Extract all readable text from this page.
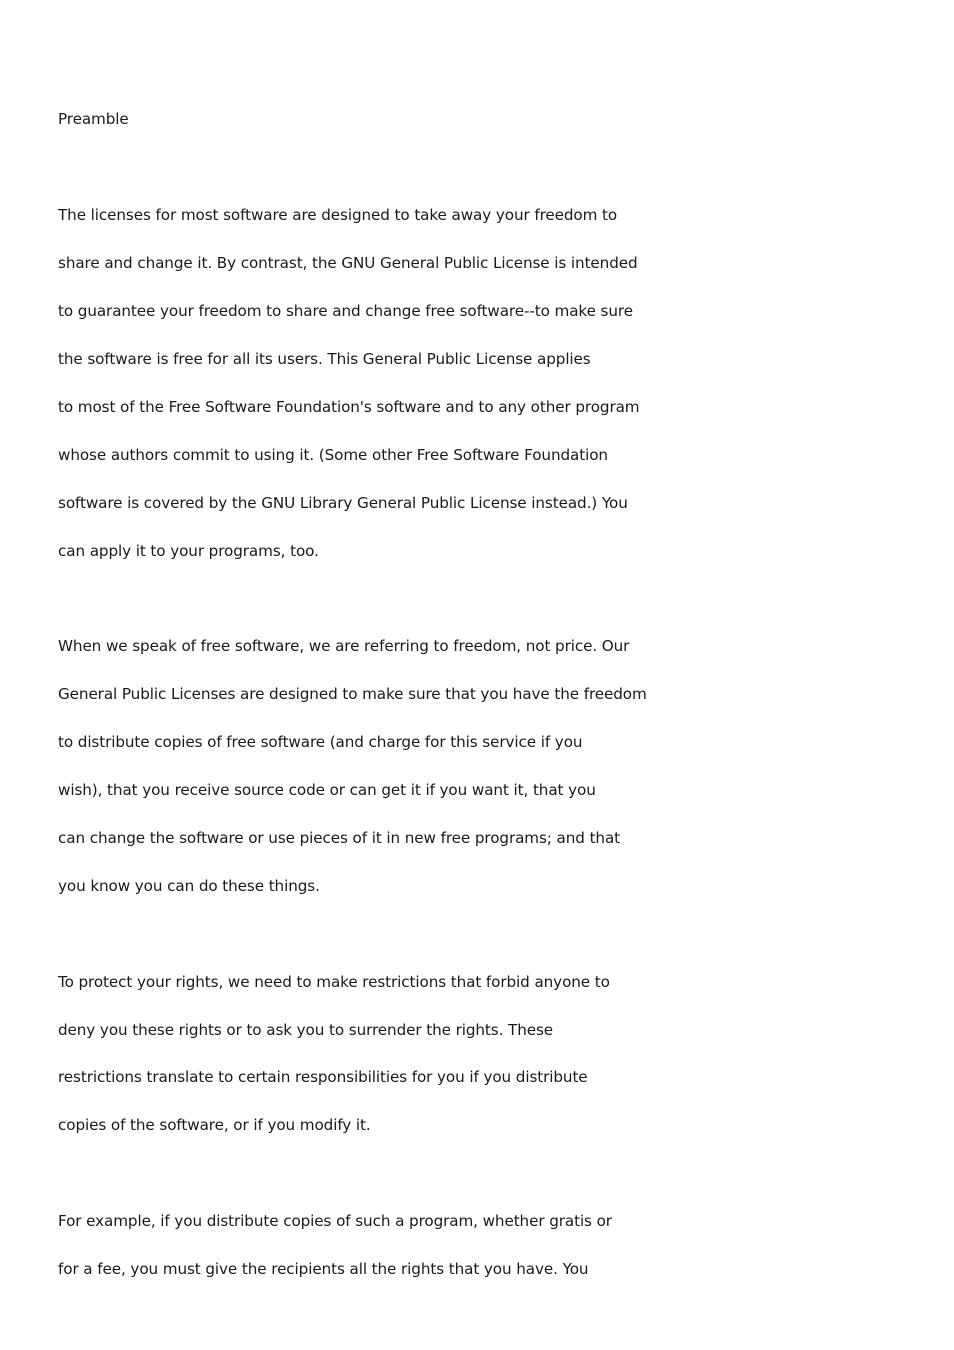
Preamble
The licenses for most software are designed to take away your freedom to
share and change it. By contrast, the GNU General Public License is intended
to guarantee your freedom to share and change free software--to make sure
the software is free for all its users. This General Public License applies
to most of the Free Software Foundation's software and to any other program
whose authors commit to using it. (Some other Free Software Foundation
software is covered by the GNU Library General Public License instead.) You
can apply it to your programs, too.
When we speak of free software, we are referring to freedom, not price. Our
General Public Licenses are designed to make sure that you have the freedom
to distribute copies of free software (and charge for this service if you
wish), that you receive source code or can get it if you want it, that you
can change the software or use pieces of it in new free programs; and that
you know you can do these things.
To protect your rights, we need to make restrictions that forbid anyone to
deny you these rights or to ask you to surrender the rights. These
restrictions translate to certain responsibilities for you if you distribute
copies of the software, or if you modify it.
For example, if you distribute copies of such a program, whether gratis or
for a fee, you must give the recipients all the rights that you have. You
